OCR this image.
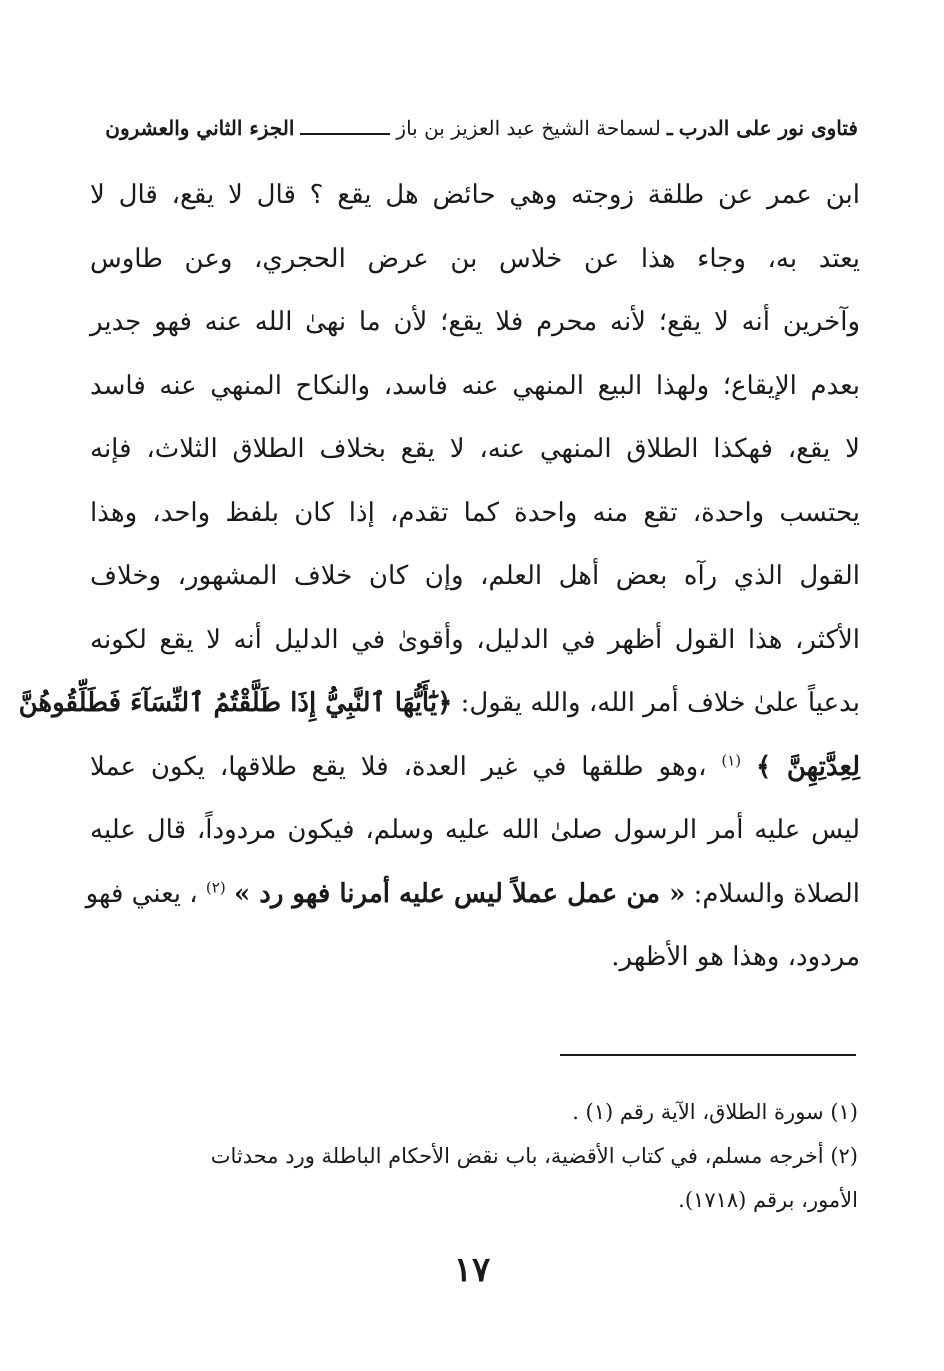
فتاوى نور على الدرب
ـ
لسماحة الشيخ عبد العزيز بن باز
الجزء الثاني والعشرون
ابن عمر عن طلقة زوجته وهي حائض هل يقع ؟ قال لا يقع، قال لا
يعتد به، وجاء هذا عن خلاس بن عرض الحجري، وعن طاوس
وآخرين أنه لا يقع؛ لأنه محرم فلا يقع؛ لأن ما نهىٰ الله عنه فهو جدير
بعدم الإيقاع؛ ولهذا البيع المنهي عنه فاسد، والنكاح المنهي عنه فاسد
لا يقع، فهكذا الطلاق المنهي عنه، لا يقع بخلاف الطلاق الثلاث، فإنه
يحتسب واحدة، تقع منه واحدة كما تقدم، إذا كان بلفظ واحد، وهذا
القول الذي رآه بعض أهل العلم، وإن كان خلاف المشهور، وخلاف
الأكثر، هذا القول أظهر في الدليل، وأقوىٰ في الدليل أنه لا يقع لكونه
بدعياً علىٰ خلاف أمر الله، والله يقول: ﴿يَٰٓأَيُّهَا ٱلنَّبِيُّ إِذَا طَلَّقْتُمُ ٱلنِّسَآءَ فَطَلِّقُوهُنَّ
لِعِدَّتِهِنَّ ﴾ $^{(١)}$ ،وهو طلقها في غير العدة، فلا يقع طلاقها، يكون عملا
ليس عليه أمر الرسول صلىٰ الله عليه وسلم، فيكون مردوداً، قال عليه
الصلاة والسلام: « من عمل عملاً ليس عليه أمرنا فهو رد » $^{(٢)}$ ، يعني فهو
مردود، وهذا هو الأظهر.
(١) سورة الطلاق، الآية رقم (١) .
(٢) أخرجه مسلم، في كتاب الأقضية، باب نقض الأحكام الباطلة ورد محدثات
الأمور، برقم (١٧١٨).
١٧
